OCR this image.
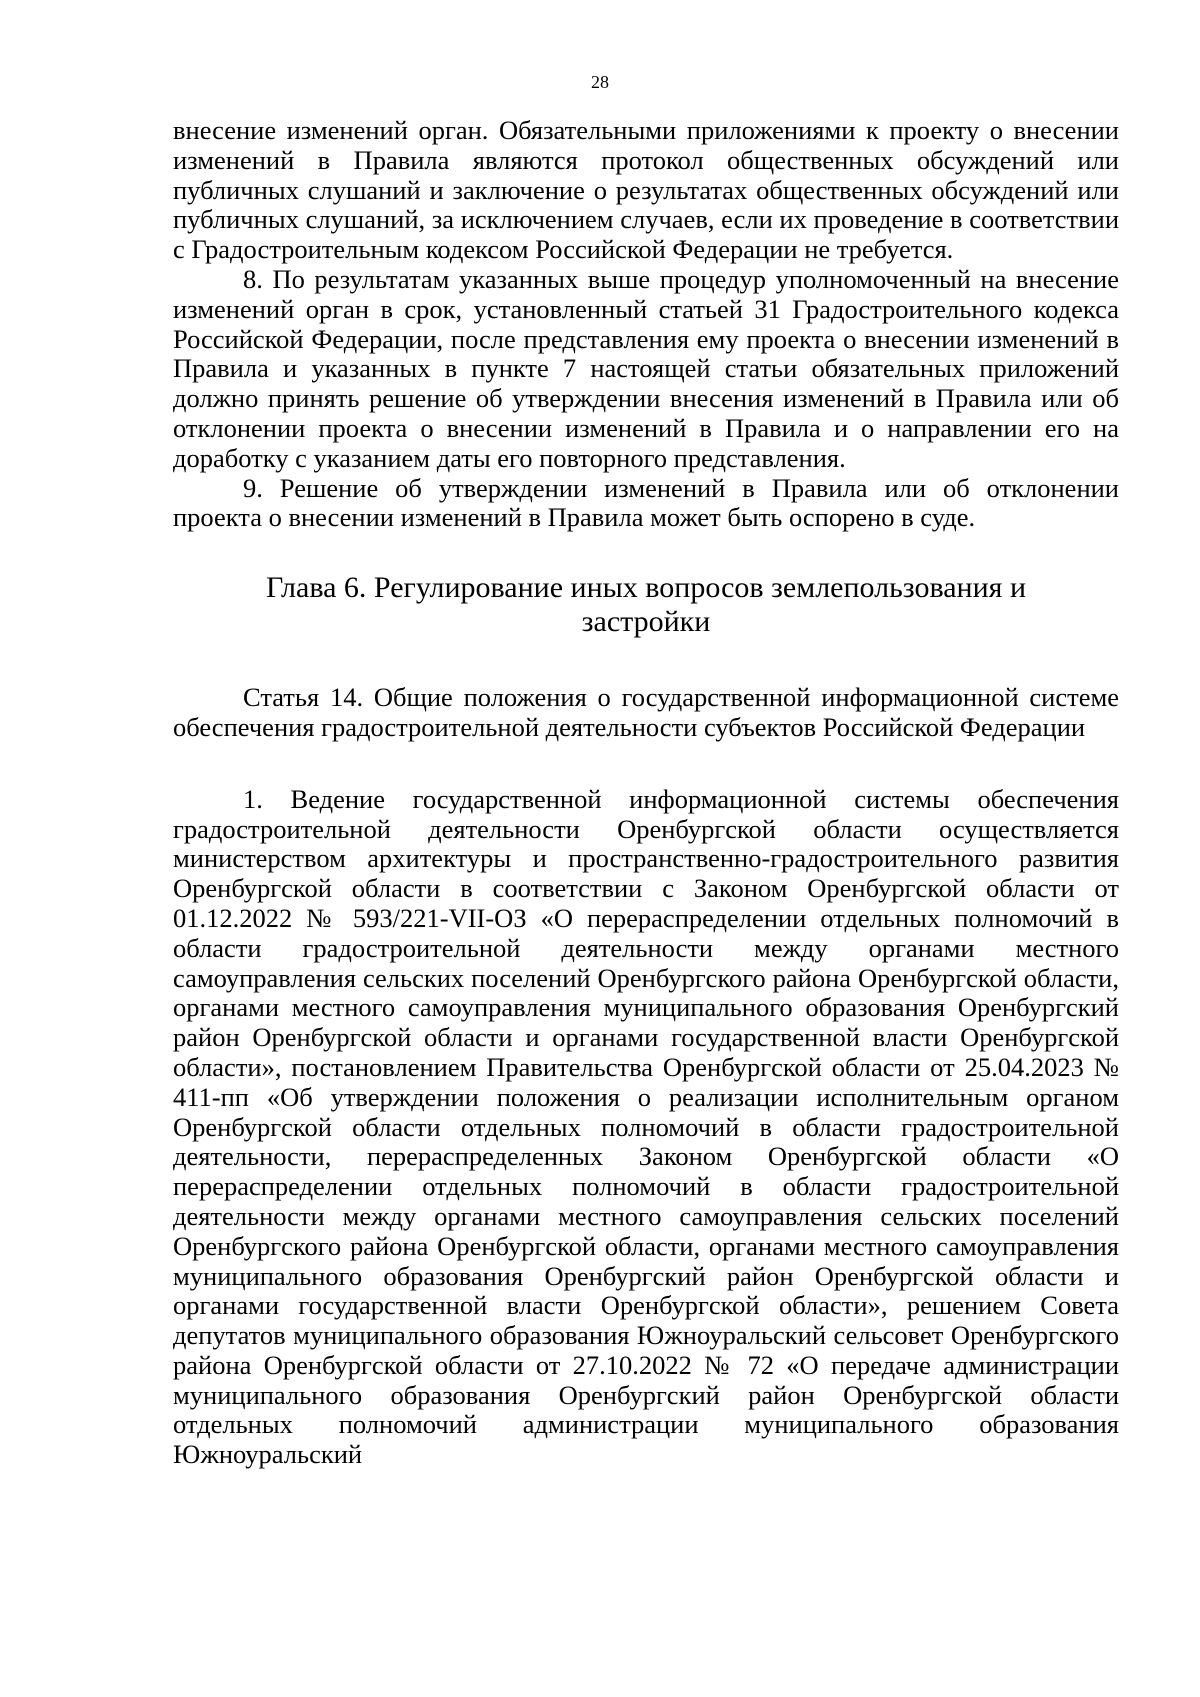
28

внесение изменений орган. Обязательными приложениями к проекту о внесении изменений в Правила являются протокол общественных обсуждений или публичных слушаний и заключение о результатах общественных обсуждений или публичных слушаний, за исключением случаев, если их проведение в соответствии с Градостроительным кодексом Российской Федерации не требуется.

8. По результатам указанных выше процедур уполномоченный на внесение изменений орган в срок, установленный статьей 31 Градостроительного кодекса Российской Федерации, после представления ему проекта о внесении изменений в Правила и указанных в пункте 7 настоящей статьи обязательных приложений должно принять решение об утверждении внесения изменений в Правила или об отклонении проекта о внесении изменений в Правила и о направлении его на доработку с указанием даты его повторного представления.

9. Решение об утверждении изменений в Правила или об отклонении проекта о внесении изменений в Правила может быть оспорено в суде.

Глава 6. Регулирование иных вопросов землепользования и застройки

Статья 14. Общие положения о государственной информационной системе обеспечения градостроительной деятельности субъектов Российской Федерации

1. Ведение государственной информационной системы обеспечения градостроительной деятельности Оренбургской области осуществляется министерством архитектуры и пространственно-градостроительного развития Оренбургской области в соответствии с Законом Оренбургской области от 01.12.2022 № 593/221-VII-ОЗ «О перераспределении отдельных полномочий в области градостроительной деятельности между органами местного самоуправления сельских поселений Оренбургского района Оренбургской области, органами местного самоуправления муниципального образования Оренбургский район Оренбургской области и органами государственной власти Оренбургской области», постановлением Правительства Оренбургской области от 25.04.2023 № 411-пп «Об утверждении положения о реализации исполнительным органом Оренбургской области отдельных полномочий в области градостроительной деятельности, перераспределенных Законом Оренбургской области «О перераспределении отдельных полномочий в области градостроительной деятельности между органами местного самоуправления сельских поселений Оренбургского района Оренбургской области, органами местного самоуправления муниципального образования Оренбургский район Оренбургской области и органами государственной власти Оренбургской области», решением Совета депутатов муниципального образования Южноуральский сельсовет Оренбургского района Оренбургской области от 27.10.2022 № 72 «О передаче администрации муниципального образования Оренбургский район Оренбургской области отдельных полномочий администрации муниципального образования Южноуральский
